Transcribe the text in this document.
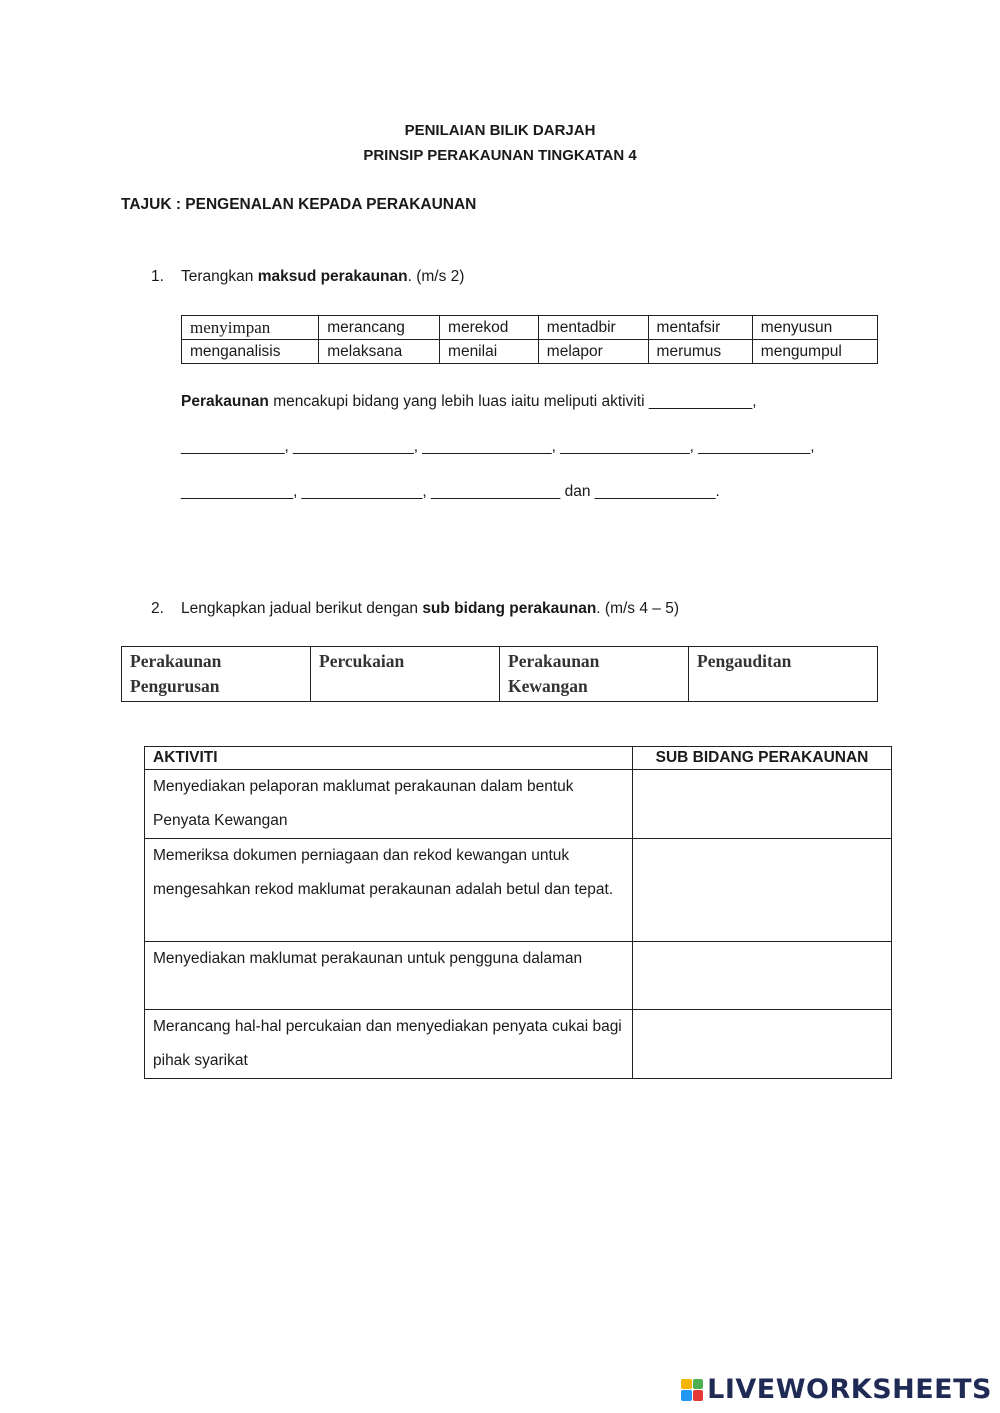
PENILAIAN BILIK DARJAH
PRINSIP PERAKAUNAN TINGKATAN 4
TAJUK : PENGENALAN KEPADA PERAKAUNAN
1. Terangkan maksud perakaunan. (m/s 2)
menyimpan	merancang	merekod	mentadbir	mentafsir	menyusun
menganalisis	melaksana	menilai	melapor	merumus	mengumpul
Perakaunan mencakupi bidang yang lebih luas iaitu meliputi aktiviti ____________,
____________, ______________, _______________, _______________, _____________,
_____________, ______________, _______________ dan ______________.
2. Lengkapkan jadual berikut dengan sub bidang perakaunan. (m/s 4 – 5)
Perakaunan Pengurusan	Percukaian	Perakaunan Kewangan	Pengauditan
AKTIVITI	SUB BIDANG PERAKAUNAN
Menyediakan pelaporan maklumat perakaunan dalam bentuk Penyata Kewangan	
Memeriksa dokumen perniagaan dan rekod kewangan untuk mengesahkan rekod maklumat perakaunan adalah betul dan tepat.	
Menyediakan maklumat perakaunan untuk pengguna dalaman	
Merancang hal-hal percukaian dan menyediakan penyata cukai bagi pihak syarikat	
LIVEWORKSHEETS
